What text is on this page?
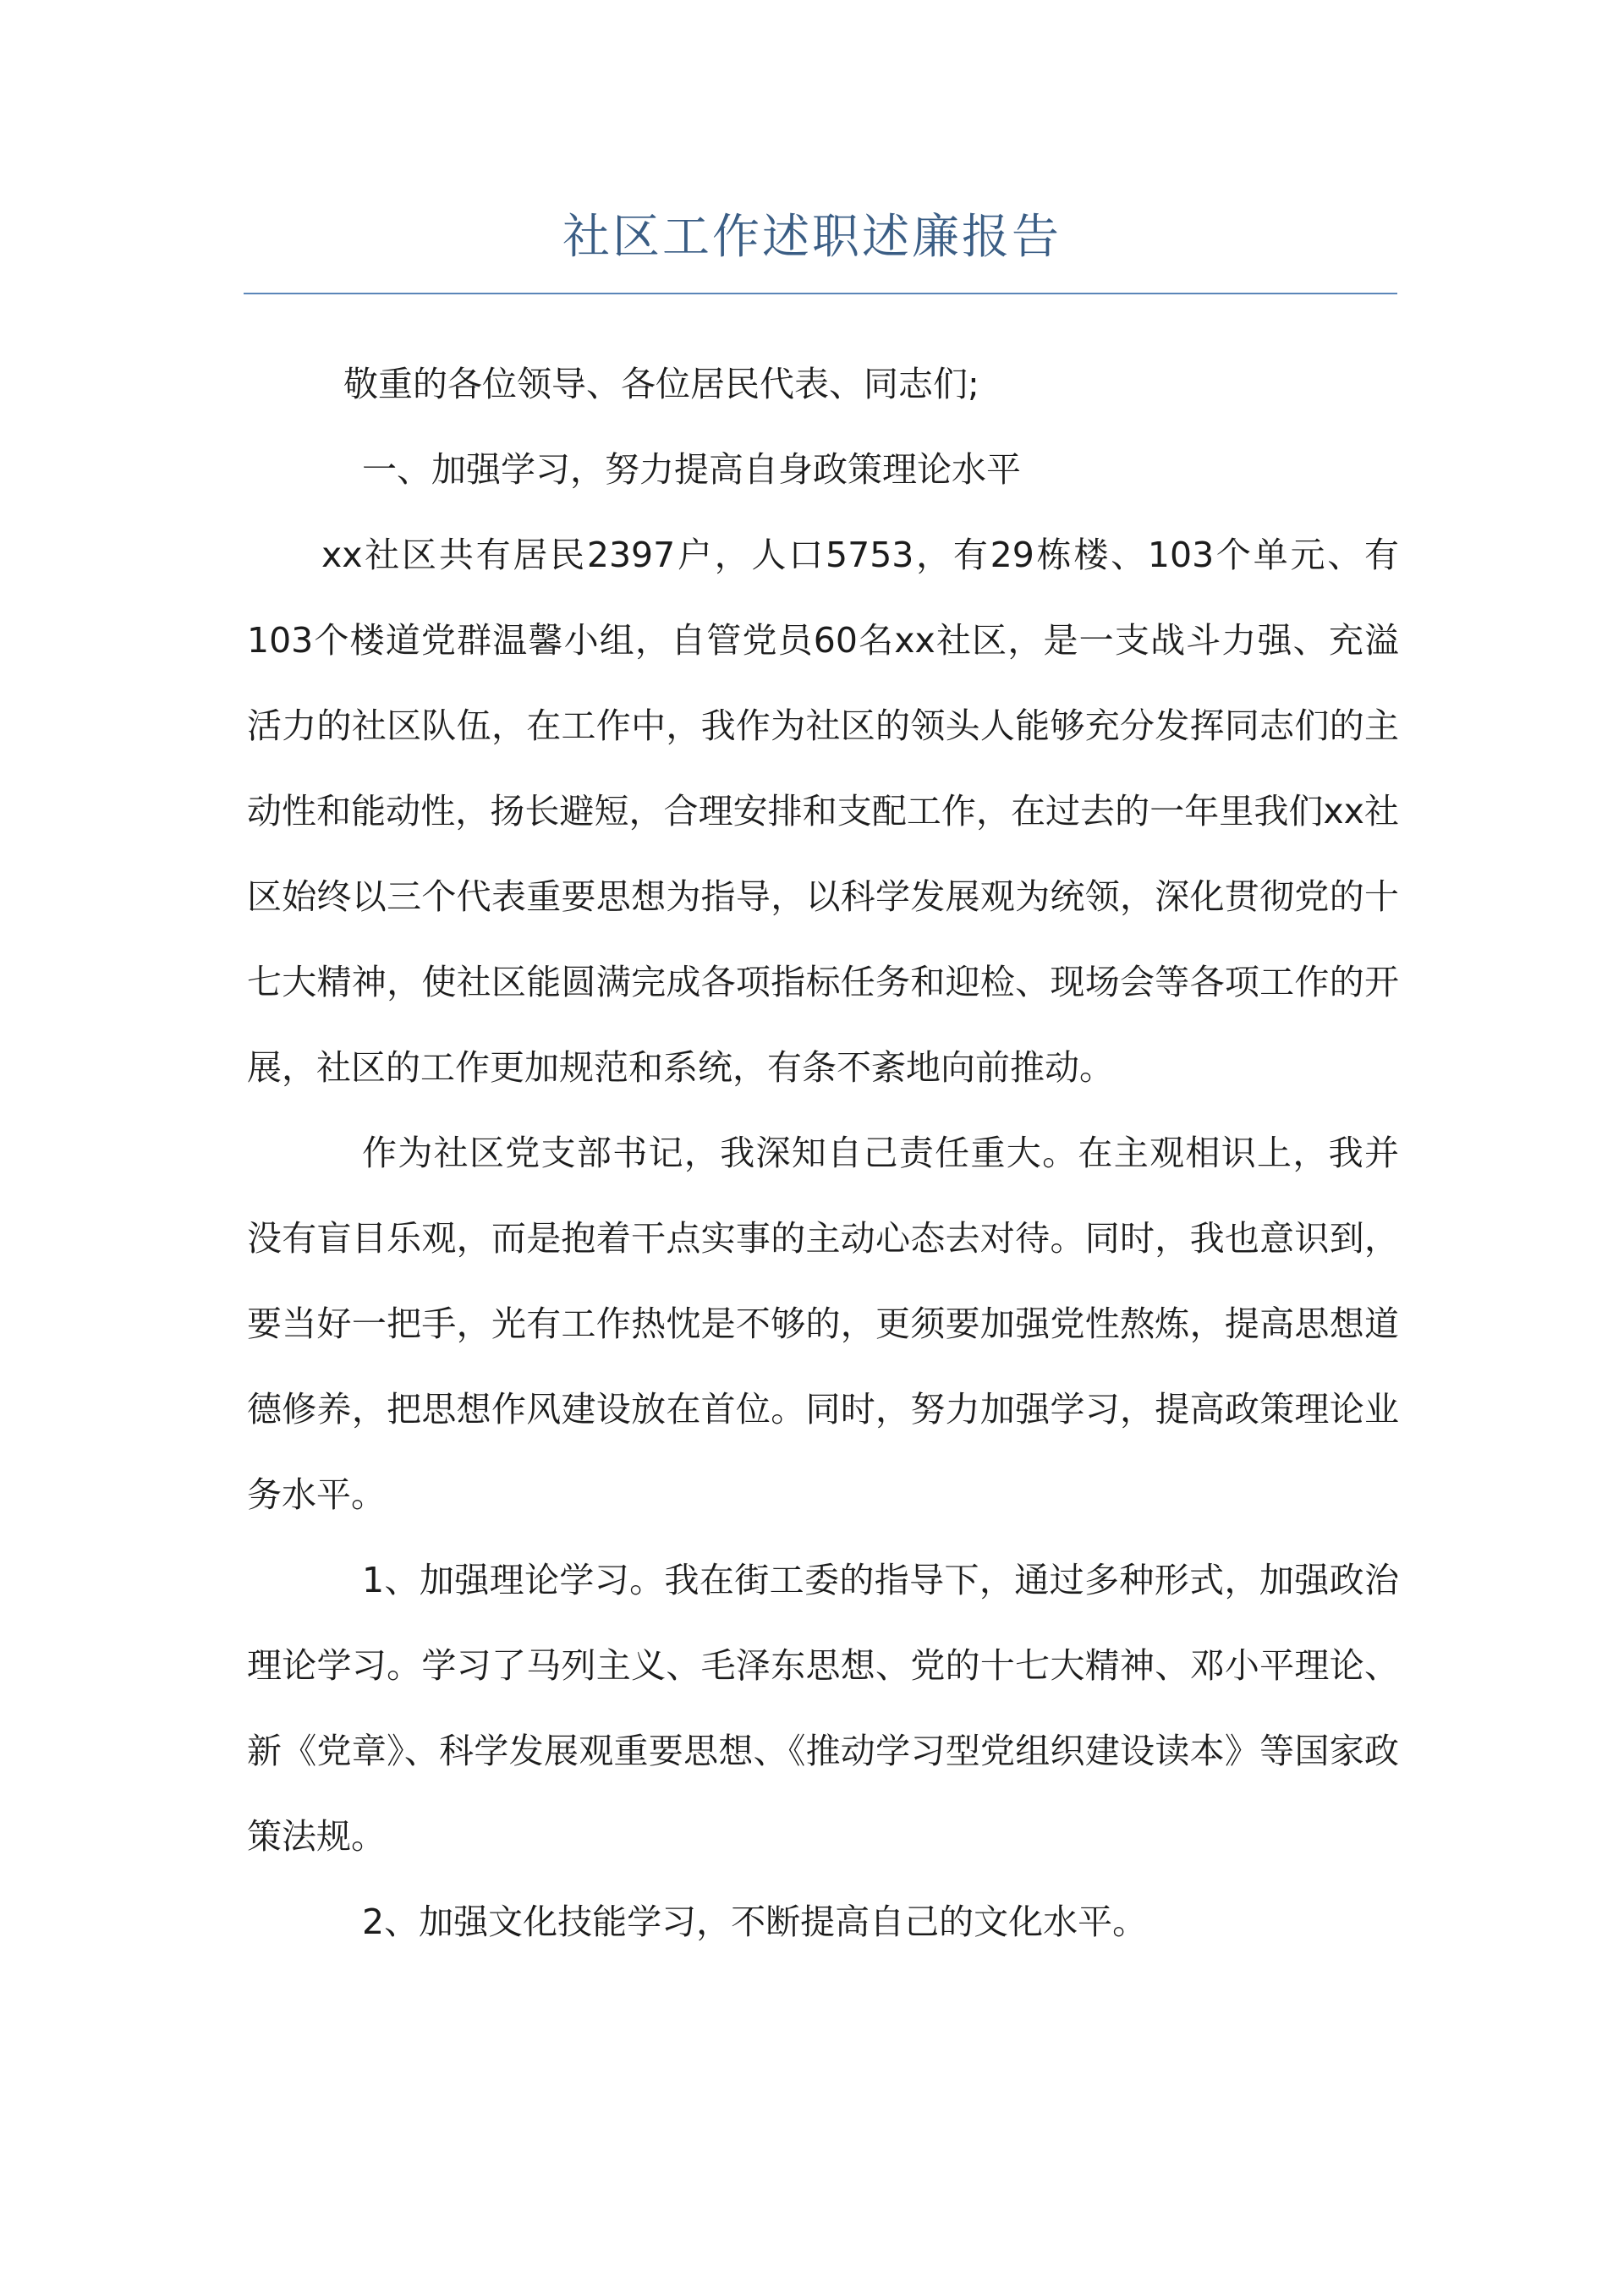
社区工作述职述廉报告

敬重的各位领导、各位居民代表、同志们;

一、加强学习，努力提高自身政策理论水平

xx社区共有居民2397户，人口5753，有29栋楼、103个单元、有103个楼道党群温馨小组，自管党员60名xx社区，是一支战斗力强、充溢活力的社区队伍，在工作中，我作为社区的领头人能够充分发挥同志们的主动性和能动性，扬长避短，合理安排和支配工作，在过去的一年里我们xx社区始终以三个代表重要思想为指导，以科学发展观为统领，深化贯彻党的十七大精神，使社区能圆满完成各项指标任务和迎检、现场会等各项工作的开展，社区的工作更加规范和系统，有条不紊地向前推动。

作为社区党支部书记，我深知自己责任重大。在主观相识上，我并没有盲目乐观，而是抱着干点实事的主动心态去对待。同时，我也意识到，要当好一把手，光有工作热忱是不够的，更须要加强党性熬炼，提高思想道德修养，把思想作风建设放在首位。同时，努力加强学习，提高政策理论业务水平。

1、加强理论学习。我在街工委的指导下，通过多种形式，加强政治理论学习。学习了马列主义、毛泽东思想、党的十七大精神、邓小平理论、新《党章》、科学发展观重要思想、《推动学习型党组织建设读本》等国家政策法规。

2、加强文化技能学习，不断提高自己的文化水平。
